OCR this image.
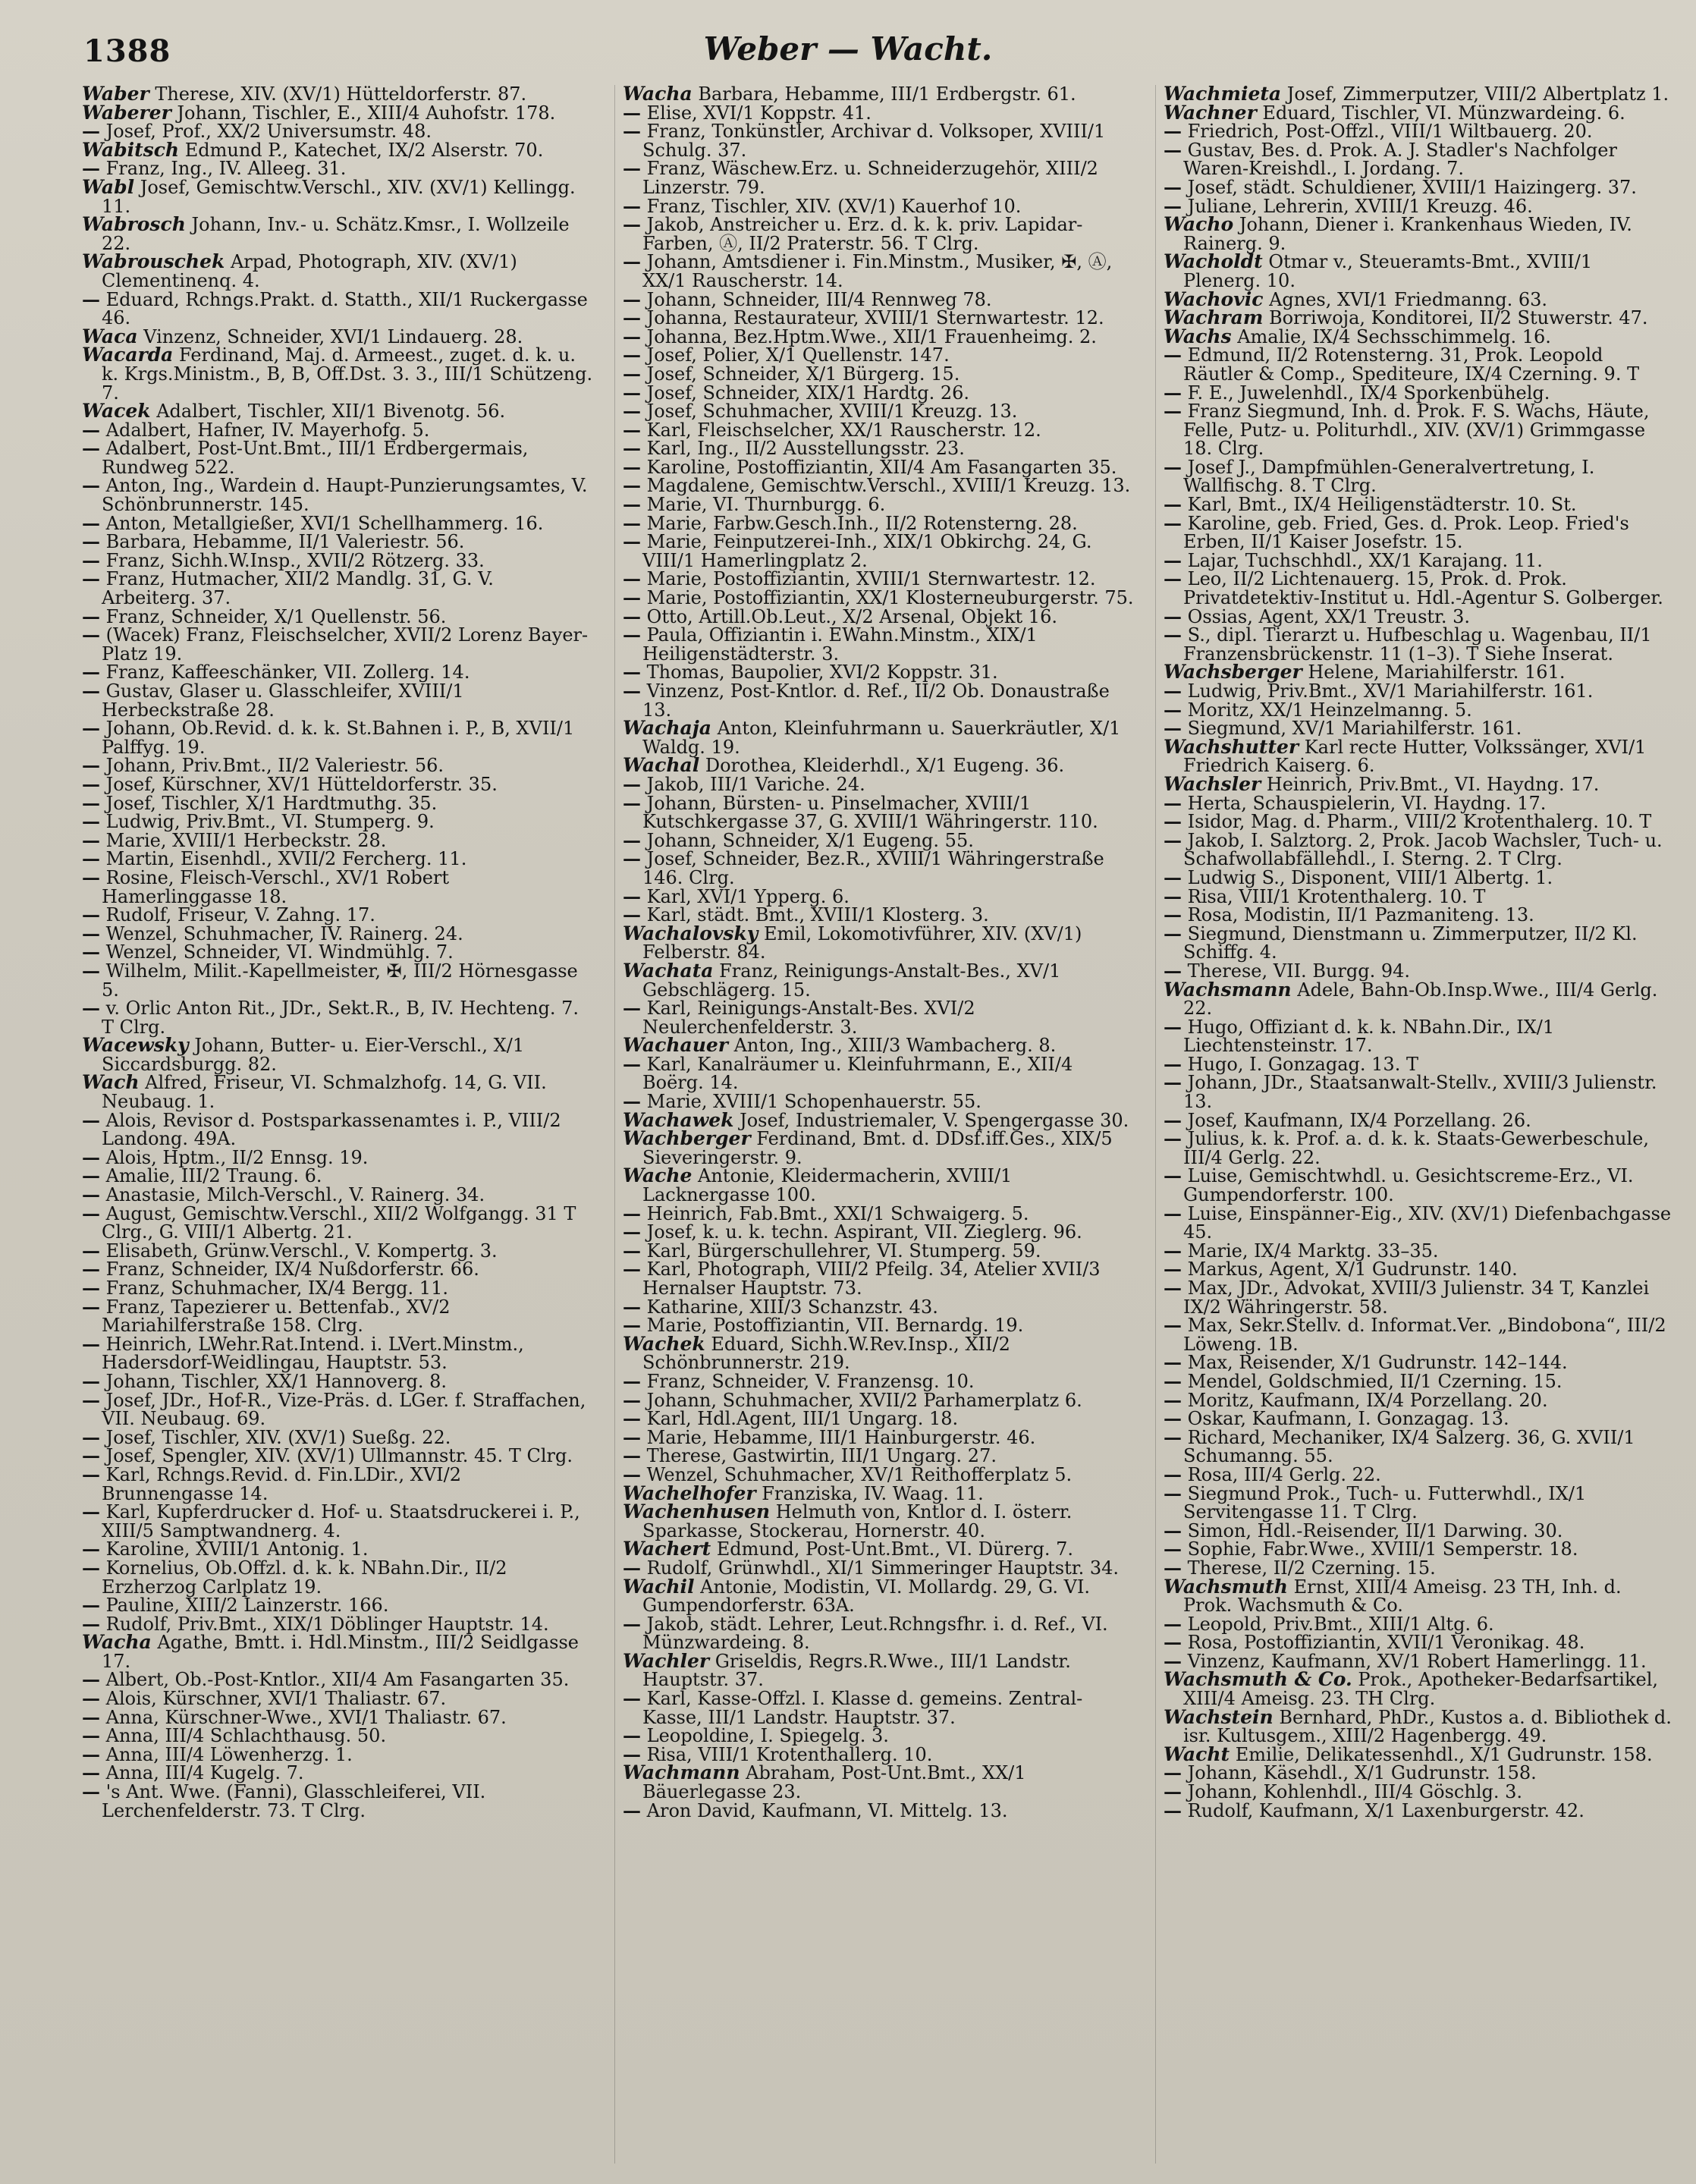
1388	Weber — Wacht.

Waber Therese, XIV. (XV/1) Hütteldorferstr. 87.

Waberer Johann, Tischler, E., XIII/4 Auhofstr. 178.

— Josef, Prof., XX/2 Universumstr. 48.

Wabitsch Edmund P., Katechet, IX/2 Alserstr. 70.

— Franz, Ing., IV. Alleeg. 31.

Wabl Josef, Gemischtw.Verschl., XIV. (XV/1) Kellingg. 11.

Wabrosch Johann, Inv.- u. Schätz.Kmsr., I. Wollzeile 22.

Wabrouschek Arpad, Photograph, XIV. (XV/1) Clementinenq. 4.

— Eduard, Rchngs.Prakt. d. Statth., XII/1 Ruckergasse 46.

Waca Vinzenz, Schneider, XVI/1 Lindauerg. 28.

Wacarda Ferdinand, Maj. d. Armeest., zuget. d. k. u. k. Krgs.Ministm., B, B, Off.Dst. 3. 3., III/1 Schützeng. 7.

Wacek Adalbert, Tischler, XII/1 Bivenotg. 56.

— Adalbert, Hafner, IV. Mayerhofg. 5.

— Adalbert, Post-Unt.Bmt., III/1 Erdbergermais, Rundweg 522.

— Anton, Ing., Wardein d. Haupt-Punzierungsamtes, V. Schönbrunnerstr. 145.

— Anton, Metallgießer, XVI/1 Schellhammerg. 16.

— Barbara, Hebamme, II/1 Valeriestr. 56.

— Franz, Sichh.W.Insp., XVII/2 Rötzerg. 33.

— Franz, Hutmacher, XII/2 Mandlg. 31, G. V. Arbeiterg. 37.

— Franz, Schneider, X/1 Quellenstr. 56.

— (Wacek) Franz, Fleischselcher, XVII/2 Lorenz Bayer-Platz 19.

— Franz, Kaffeeschänker, VII. Zollerg. 14.

— Gustav, Glaser u. Glasschleifer, XVIII/1 Herbeckstraße 28.

— Johann, Ob.Revid. d. k. k. St.Bahnen i. P., B, XVII/1 Palffyg. 19.

— Johann, Priv.Bmt., II/2 Valeriestr. 56.

— Josef, Kürschner, XV/1 Hütteldorferstr. 35.

— Josef, Tischler, X/1 Hardtmuthg. 35.

— Ludwig, Priv.Bmt., VI. Stumperg. 9.

— Marie, XVIII/1 Herbeckstr. 28.

— Martin, Eisenhdl., XVII/2 Fercherg. 11.

— Rosine, Fleisch-Verschl., XV/1 Robert Hamerlinggasse 18.

— Rudolf, Friseur, V. Zahng. 17.

— Wenzel, Schuhmacher, IV. Rainerg. 24.

— Wenzel, Schneider, VI. Windmühlg. 7.

— Wilhelm, Milit.-Kapellmeister, ✠, III/2 Hörnesgasse 5.

— v. Orlic Anton Rit., JDr., Sekt.R., B, IV. Hechteng. 7. T Clrg.

Wacewsky Johann, Butter- u. Eier-Verschl., X/1 Siccardsburgg. 82.

Wach Alfred, Friseur, VI. Schmalzhofg. 14, G. VII. Neubaug. 1.

— Alois, Revisor d. Postsparkassenamtes i. P., VIII/2 Landong. 49A.

— Alois, Hptm., II/2 Ennsg. 19.

— Amalie, III/2 Traung. 6.

— Anastasie, Milch-Verschl., V. Rainerg. 34.

— August, Gemischtw.Verschl., XII/2 Wolfgangg. 31 T Clrg., G. VIII/1 Albertg. 21.

— Elisabeth, Grünw.Verschl., V. Kompertg. 3.

— Franz, Schneider, IX/4 Nußdorferstr. 66.

— Franz, Schuhmacher, IX/4 Bergg. 11.

— Franz, Tapezierer u. Bettenfab., XV/2 Mariahilferstraße 158. Clrg.

— Heinrich, LWehr.Rat.Intend. i. LVert.Minstm., Hadersdorf-Weidlingau, Hauptstr. 53.

— Johann, Tischler, XX/1 Hannoverg. 8.

— Josef, JDr., Hof-R., Vize-Präs. d. LGer. f. Straffachen, VII. Neubaug. 69.

— Josef, Tischler, XIV. (XV/1) Sueßg. 22.

— Josef, Spengler, XIV. (XV/1) Ullmannstr. 45. T Clrg.

— Karl, Rchngs.Revid. d. Fin.LDir., XVI/2 Brunnengasse 14.

— Karl, Kupferdrucker d. Hof- u. Staatsdruckerei i. P., XIII/5 Samptwandnerg. 4.

— Karoline, XVIII/1 Antonig. 1.

— Kornelius, Ob.Offzl. d. k. k. NBahn.Dir., II/2 Erzherzog Carlplatz 19.

— Pauline, XIII/2 Lainzerstr. 166.

— Rudolf, Priv.Bmt., XIX/1 Döblinger Hauptstr. 14.

Wacha Agathe, Bmtt. i. Hdl.Minstm., III/2 Seidlgasse 17.

— Albert, Ob.-Post-Kntlor., XII/4 Am Fasangarten 35.

— Alois, Kürschner, XVI/1 Thaliastr. 67.

— Anna, Kürschner-Wwe., XVI/1 Thaliastr. 67.

— Anna, III/4 Schlachthausg. 50.

— Anna, III/4 Löwenherzg. 1.

— Anna, III/4 Kugelg. 7.

— 's Ant. Wwe. (Fanni), Glasschleiferei, VII. Lerchenfelderstr. 73. T Clrg.

Wacha Barbara, Hebamme, III/1 Erdbergstr. 61.

— Elise, XVI/1 Koppstr. 41.

— Franz, Tonkünstler, Archivar d. Volksoper, XVIII/1 Schulg. 37.

— Franz, Wäschew.Erz. u. Schneiderzugehör, XIII/2 Linzerstr. 79.

— Franz, Tischler, XIV. (XV/1) Kauerhof 10.

— Jakob, Anstreicher u. Erz. d. k. k. priv. Lapidar-Farben, Ⓐ, II/2 Praterstr. 56. T Clrg.

— Johann, Amtsdiener i. Fin.Minstm., Musiker, ✠, Ⓐ, XX/1 Rauscherstr. 14.

— Johann, Schneider, III/4 Rennweg 78.

— Johanna, Restaurateur, XVIII/1 Sternwartestr. 12.

— Johanna, Bez.Hptm.Wwe., XII/1 Frauenheimg. 2.

— Josef, Polier, X/1 Quellenstr. 147.

— Josef, Schneider, X/1 Bürgerg. 15.

— Josef, Schneider, XIX/1 Hardtg. 26.

— Josef, Schuhmacher, XVIII/1 Kreuzg. 13.

— Karl, Fleischselcher, XX/1 Rauscherstr. 12.

— Karl, Ing., II/2 Ausstellungsstr. 23.

— Karoline, Postoffiziantin, XII/4 Am Fasangarten 35.

— Magdalene, Gemischtw.Verschl., XVIII/1 Kreuzg. 13.

— Marie, VI. Thurnburgg. 6.

— Marie, Farbw.Gesch.Inh., II/2 Rotensterng. 28.

— Marie, Feinputzerei-Inh., XIX/1 Obkirchg. 24, G. VIII/1 Hamerlingplatz 2.

— Marie, Postoffiziantin, XVIII/1 Sternwartestr. 12.

— Marie, Postoffiziantin, XX/1 Klosterneuburgerstr. 75.

— Otto, Artill.Ob.Leut., X/2 Arsenal, Objekt 16.

— Paula, Offiziantin i. EWahn.Minstm., XIX/1 Heiligenstädterstr. 3.

— Thomas, Baupolier, XVI/2 Koppstr. 31.

— Vinzenz, Post-Kntlor. d. Ref., II/2 Ob. Donaustraße 13.

Wachaja Anton, Kleinfuhrmann u. Sauerkräutler, X/1 Waldg. 19.

Wachal Dorothea, Kleiderhdl., X/1 Eugeng. 36.

— Jakob, III/1 Variche. 24.

— Johann, Bürsten- u. Pinselmacher, XVIII/1 Kutschkergasse 37, G. XVIII/1 Währingerstr. 110.

— Johann, Schneider, X/1 Eugeng. 55.

— Josef, Schneider, Bez.R., XVIII/1 Währingerstraße 146. Clrg.

— Karl, XVI/1 Ypperg. 6.

— Karl, städt. Bmt., XVIII/1 Klosterg. 3.

Wachalovsky Emil, Lokomotivführer, XIV. (XV/1) Felberstr. 84.

Wachata Franz, Reinigungs-Anstalt-Bes., XV/1 Gebschlägerg. 15.

— Karl, Reinigungs-Anstalt-Bes. XVI/2 Neulerchenfelderstr. 3.

Wachauer Anton, Ing., XIII/3 Wambacherg. 8.

— Karl, Kanalräumer u. Kleinfuhrmann, E., XII/4 Boërg. 14.

— Marie, XVIII/1 Schopenhauerstr. 55.

Wachawek Josef, Industriemaler, V. Spengergasse 30.

Wachberger Ferdinand, Bmt. d. DDsf.iff.Ges., XIX/5 Sieveringerstr. 9.

Wache Antonie, Kleidermacherin, XVIII/1 Lacknergasse 100.

— Heinrich, Fab.Bmt., XXI/1 Schwaigerg. 5.

— Josef, k. u. k. techn. Aspirant, VII. Zieglerg. 96.

— Karl, Bürgerschullehrer, VI. Stumperg. 59.

— Karl, Photograph, VIII/2 Pfeilg. 34, Atelier XVII/3 Hernalser Hauptstr. 73.

— Katharine, XIII/3 Schanzstr. 43.

— Marie, Postoffiziantin, VII. Bernardg. 19.

Wachek Eduard, Sichh.W.Rev.Insp., XII/2 Schönbrunnerstr. 219.

— Franz, Schneider, V. Franzensg. 10.

— Johann, Schuhmacher, XVII/2 Parhamerplatz 6.

— Karl, Hdl.Agent, III/1 Ungarg. 18.

— Marie, Hebamme, III/1 Hainburgerstr. 46.

— Therese, Gastwirtin, III/1 Ungarg. 27.

— Wenzel, Schuhmacher, XV/1 Reithofferplatz 5.

Wachelhofer Franziska, IV. Waag. 11.

Wachenhusen Helmuth von, Kntlor d. I. österr. Sparkasse, Stockerau, Hornerstr. 40.

Wachert Edmund, Post-Unt.Bmt., VI. Dürerg. 7.

— Rudolf, Grünwhdl., XI/1 Simmeringer Hauptstr. 34.

Wachil Antonie, Modistin, VI. Mollardg. 29, G. VI. Gumpendorferstr. 63A.

— Jakob, städt. Lehrer, Leut.Rchngsfhr. i. d. Ref., VI. Münzwardeing. 8.

Wachler Griseldis, Regrs.R.Wwe., III/1 Landstr. Hauptstr. 37.

— Karl, Kasse-Offzl. I. Klasse d. gemeins. Zentral-Kasse, III/1 Landstr. Hauptstr. 37.

— Leopoldine, I. Spiegelg. 3.

— Risa, VIII/1 Krotenthallerg. 10.

Wachmann Abraham, Post-Unt.Bmt., XX/1 Bäuerlegasse 23.

— Aron David, Kaufmann, VI. Mittelg. 13.

Wachmieta Josef, Zimmerputzer, VIII/2 Albertplatz 1.

Wachner Eduard, Tischler, VI. Münzwardeing. 6.

— Friedrich, Post-Offzl., VIII/1 Wiltbauerg. 20.

— Gustav, Bes. d. Prok. A. J. Stadler's Nachfolger Waren-Kreishdl., I. Jordang. 7.

— Josef, städt. Schuldiener, XVIII/1 Haizingerg. 37.

— Juliane, Lehrerin, XVIII/1 Kreuzg. 46.

Wacho Johann, Diener i. Krankenhaus Wieden, IV. Rainerg. 9.

Wacholdt Otmar v., Steueramts-Bmt., XVIII/1 Plenerg. 10.

Wachovic Agnes, XVI/1 Friedmanng. 63.

Wachram Borriwoja, Konditorei, II/2 Stuwerstr. 47.

Wachs Amalie, IX/4 Sechsschimmelg. 16.

— Edmund, II/2 Rotensterng. 31, Prok. Leopold Räutler & Comp., Spediteure, IX/4 Czerning. 9. T

— F. E., Juwelenhdl., IX/4 Sporkenbühelg.

— Franz Siegmund, Inh. d. Prok. F. S. Wachs, Häute, Felle, Putz- u. Politurhdl., XIV. (XV/1) Grimmgasse 18. Clrg.

— Josef J., Dampfmühlen-Generalvertretung, I. Wallfischg. 8. T Clrg.

— Karl, Bmt., IX/4 Heiligenstädterstr. 10. St.

— Karoline, geb. Fried, Ges. d. Prok. Leop. Fried's Erben, II/1 Kaiser Josefstr. 15.

— Lajar, Tuchschhdl., XX/1 Karajang. 11.

— Leo, II/2 Lichtenauerg. 15, Prok. d. Prok. Privatdetektiv-Institut u. Hdl.-Agentur S. Golberger.

— Ossias, Agent, XX/1 Treustr. 3.

— S., dipl. Tierarzt u. Hufbeschlag u. Wagenbau, II/1 Franzensbrückenstr. 11 (1–3). T Siehe Inserat.

Wachsberger Helene, Mariahilferstr. 161.

— Ludwig, Priv.Bmt., XV/1 Mariahilferstr. 161.

— Moritz, XX/1 Heinzelmanng. 5.

— Siegmund, XV/1 Mariahilferstr. 161.

Wachshutter Karl recte Hutter, Volkssänger, XVI/1 Friedrich Kaiserg. 6.

Wachsler Heinrich, Priv.Bmt., VI. Haydng. 17.

— Herta, Schauspielerin, VI. Haydng. 17.

— Isidor, Mag. d. Pharm., VIII/2 Krotenthalerg. 10. T

— Jakob, I. Salztorg. 2, Prok. Jacob Wachsler, Tuch- u. Schafwollabfällehdl., I. Sterng. 2. T Clrg.

— Ludwig S., Disponent, VIII/1 Albertg. 1.

— Risa, VIII/1 Krotenthalerg. 10. T

— Rosa, Modistin, II/1 Pazmaniteng. 13.

— Siegmund, Dienstmann u. Zimmerputzer, II/2 Kl. Schiffg. 4.

— Therese, VII. Burgg. 94.

Wachsmann Adele, Bahn-Ob.Insp.Wwe., III/4 Gerlg. 22.

— Hugo, Offiziant d. k. k. NBahn.Dir., IX/1 Liechtensteinstr. 17.

— Hugo, I. Gonzagag. 13. T

— Johann, JDr., Staatsanwalt-Stellv., XVIII/3 Julienstr. 13.

— Josef, Kaufmann, IX/4 Porzellang. 26.

— Julius, k. k. Prof. a. d. k. k. Staats-Gewerbeschule, III/4 Gerlg. 22.

— Luise, Gemischtwhdl. u. Gesichtscreme-Erz., VI. Gumpendorferstr. 100.

— Luise, Einspänner-Eig., XIV. (XV/1) Diefenbachgasse 45.

— Marie, IX/4 Marktg. 33–35.

— Markus, Agent, X/1 Gudrunstr. 140.

— Max, JDr., Advokat, XVIII/3 Julienstr. 34 T, Kanzlei IX/2 Währingerstr. 58.

— Max, Sekr.Stellv. d. Informat.Ver. „Bindobona“, III/2 Löweng. 1B.

— Max, Reisender, X/1 Gudrunstr. 142–144.

— Mendel, Goldschmied, II/1 Czerning. 15.

— Moritz, Kaufmann, IX/4 Porzellang. 20.

— Oskar, Kaufmann, I. Gonzagag. 13.

— Richard, Mechaniker, IX/4 Salzerg. 36, G. XVII/1 Schumanng. 55.

— Rosa, III/4 Gerlg. 22.

— Siegmund Prok., Tuch- u. Futterwhdl., IX/1 Servitengasse 11. T Clrg.

— Simon, Hdl.-Reisender, II/1 Darwing. 30.

— Sophie, Fabr.Wwe., XVIII/1 Semperstr. 18.

— Therese, II/2 Czerning. 15.

Wachsmuth Ernst, XIII/4 Ameisg. 23 TH, Inh. d. Prok. Wachsmuth & Co.

— Leopold, Priv.Bmt., XIII/1 Altg. 6.

— Rosa, Postoffiziantin, XVII/1 Veronikag. 48.

— Vinzenz, Kaufmann, XV/1 Robert Hamerlingg. 11.

Wachsmuth & Co. Prok., Apotheker-Bedarfsartikel, XIII/4 Ameisg. 23. TH Clrg.

Wachstein Bernhard, PhDr., Kustos a. d. Bibliothek d. isr. Kultusgem., XIII/2 Hagenbergg. 49.

Wacht Emilie, Delikatessenhdl., X/1 Gudrunstr. 158.

— Johann, Käsehdl., X/1 Gudrunstr. 158.

— Johann, Kohlenhdl., III/4 Göschlg. 3.

— Rudolf, Kaufmann, X/1 Laxenburgerstr. 42.
